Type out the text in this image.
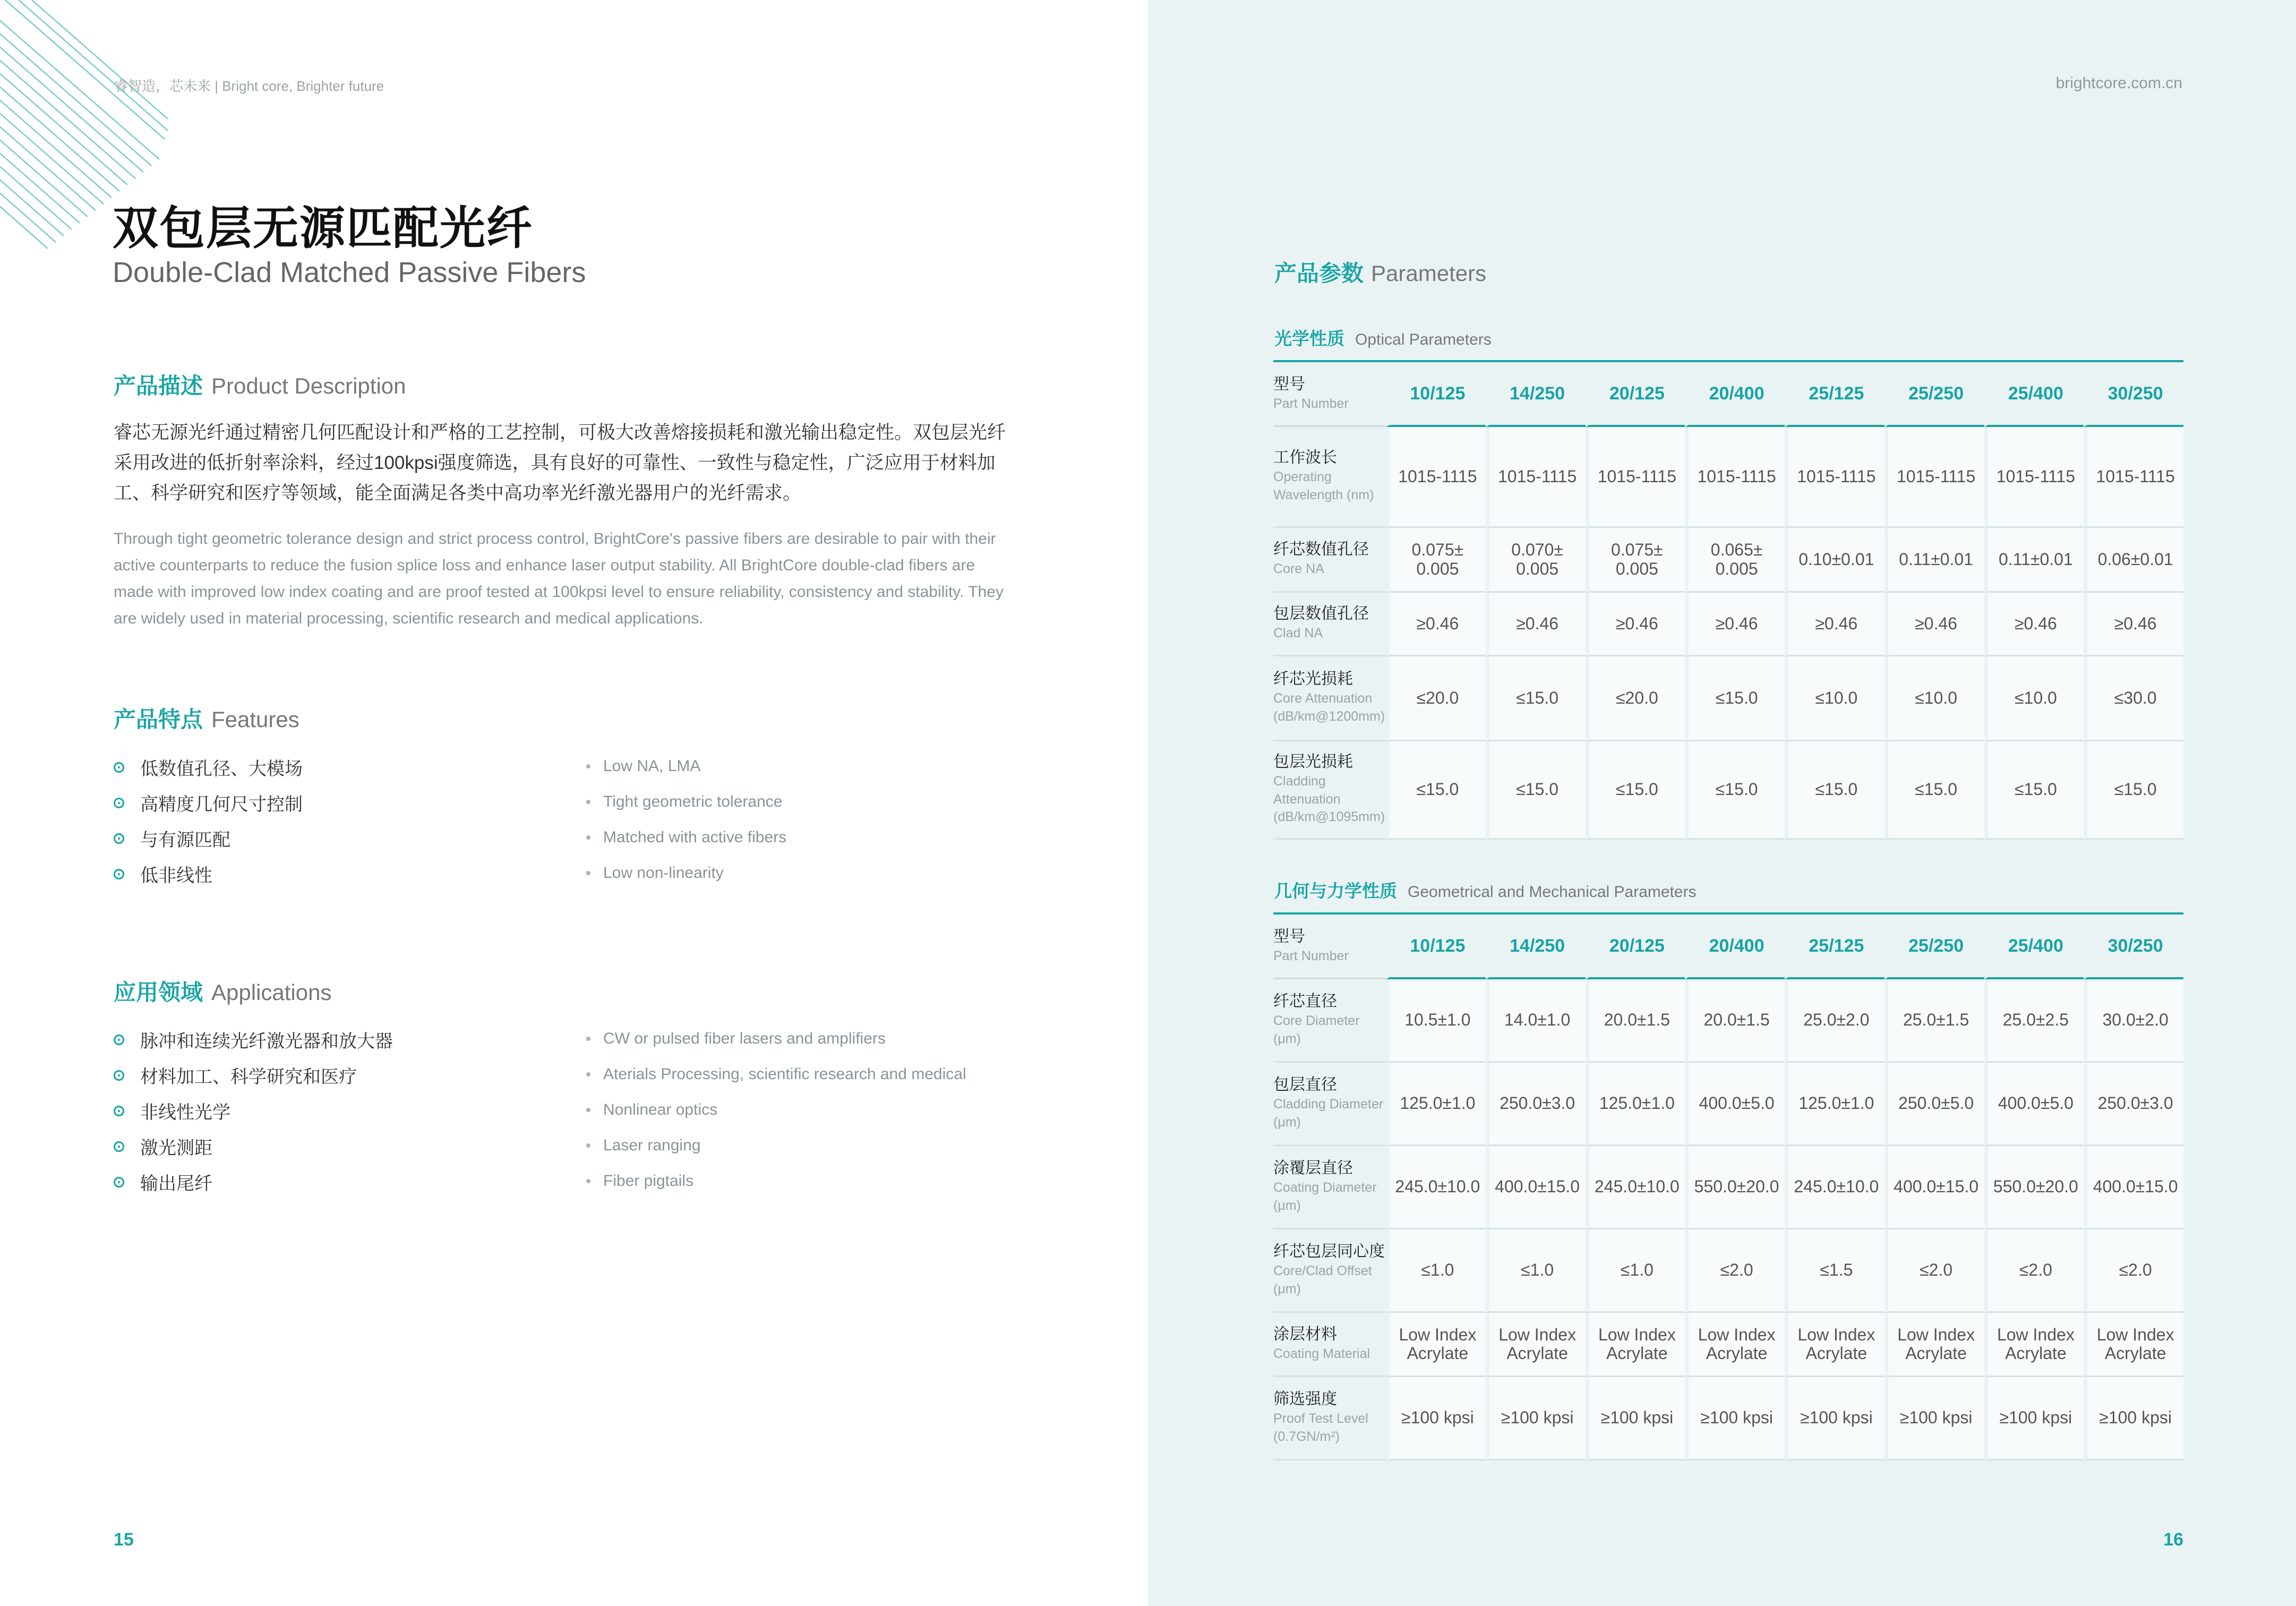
睿智造，芯未来 | Bright core, Brighter future
双包层无源匹配光纤
Double-Clad Matched Passive Fibers
产品描述 Product Description
睿芯无源光纤通过精密几何匹配设计和严格的工艺控制，可极大改善熔接损耗和激光输出稳定性。双包层光纤采用改进的低折射率涂料，经过100kpsi强度筛选，具有良好的可靠性、一致性与稳定性，广泛应用于材料加工、科学研究和医疗等领域，能全面满足各类中高功率光纤激光器用户的光纤需求。
Through tight geometric tolerance design and strict process control, BrightCore's passive fibers are desirable to pair with their active counterparts to reduce the fusion splice loss and enhance laser output stability. All BrightCore double-clad fibers are made with improved low index coating and are proof tested at 100kpsi level to ensure reliability, consistency and stability. They are widely used in material processing, scientific research and medical applications.
产品特点 Features
低数值孔径、大模场
高精度几何尺寸控制
与有源匹配
低非线性
Low NA, LMA
Tight geometric tolerance
Matched with active fibers
Low non-linearity
应用领域 Applications
脉冲和连续光纤激光器和放大器
材料加工、科学研究和医疗
非线性光学
激光测距
输出尾纤
CW or pulsed fiber lasers and amplifiers
Aterials Processing, scientific research and medical
Nonlinear optics
Laser ranging
Fiber pigtails
15
brightcore.com.cn
产品参数 Parameters
光学性质 Optical Parameters
型号
Part Number	10/125	14/250	20/125	20/400	25/125	25/250	25/400	30/250

工作波长
Operating Wavelength (nm)	1015-1115	1015-1115	1015-1115	1015-1115	1015-1115	1015-1115	1015-1115	1015-1115

纤芯数值孔径
Core NA	0.075± 0.005	0.070± 0.005	0.075± 0.005	0.065± 0.005	0.10±0.01	0.11±0.01	0.11±0.01	0.06±0.01

包层数值孔径
Clad NA	≥0.46	≥0.46	≥0.46	≥0.46	≥0.46	≥0.46	≥0.46	≥0.46

纤芯光损耗
Core Attenuation (dB/km@1200mm)	≤20.0	≤15.0	≤20.0	≤15.0	≤10.0	≤10.0	≤10.0	≤30.0

包层光损耗
Cladding Attenuation (dB/km@1095mm)	≤15.0	≤15.0	≤15.0	≤15.0	≤15.0	≤15.0	≤15.0	≤15.0
几何与力学性质 Geometrical and Mechanical Parameters
型号
Part Number	10/125	14/250	20/125	20/400	25/125	25/250	25/400	30/250

纤芯直径
Core Diameter (μm)	10.5±1.0	14.0±1.0	20.0±1.5	20.0±1.5	25.0±2.0	25.0±1.5	25.0±2.5	30.0±2.0

包层直径
Cladding Diameter (μm)	125.0±1.0	250.0±3.0	125.0±1.0	400.0±5.0	125.0±1.0	250.0±5.0	400.0±5.0	250.0±3.0

涂覆层直径
Coating Diameter (μm)	245.0±10.0	400.0±15.0	245.0±10.0	550.0±20.0	245.0±10.0	400.0±15.0	550.0±20.0	400.0±15.0

纤芯包层同心度
Core/Clad Offset (μm)	≤1.0	≤1.0	≤1.0	≤2.0	≤1.5	≤2.0	≤2.0	≤2.0

涂层材料
Coating Material	Low Index Acrylate	Low Index Acrylate	Low Index Acrylate	Low Index Acrylate	Low Index Acrylate	Low Index Acrylate	Low Index Acrylate	Low Index Acrylate

筛选强度
Proof Test Level (0.7GN/m²)	≥100 kpsi	≥100 kpsi	≥100 kpsi	≥100 kpsi	≥100 kpsi	≥100 kpsi	≥100 kpsi	≥100 kpsi
16
